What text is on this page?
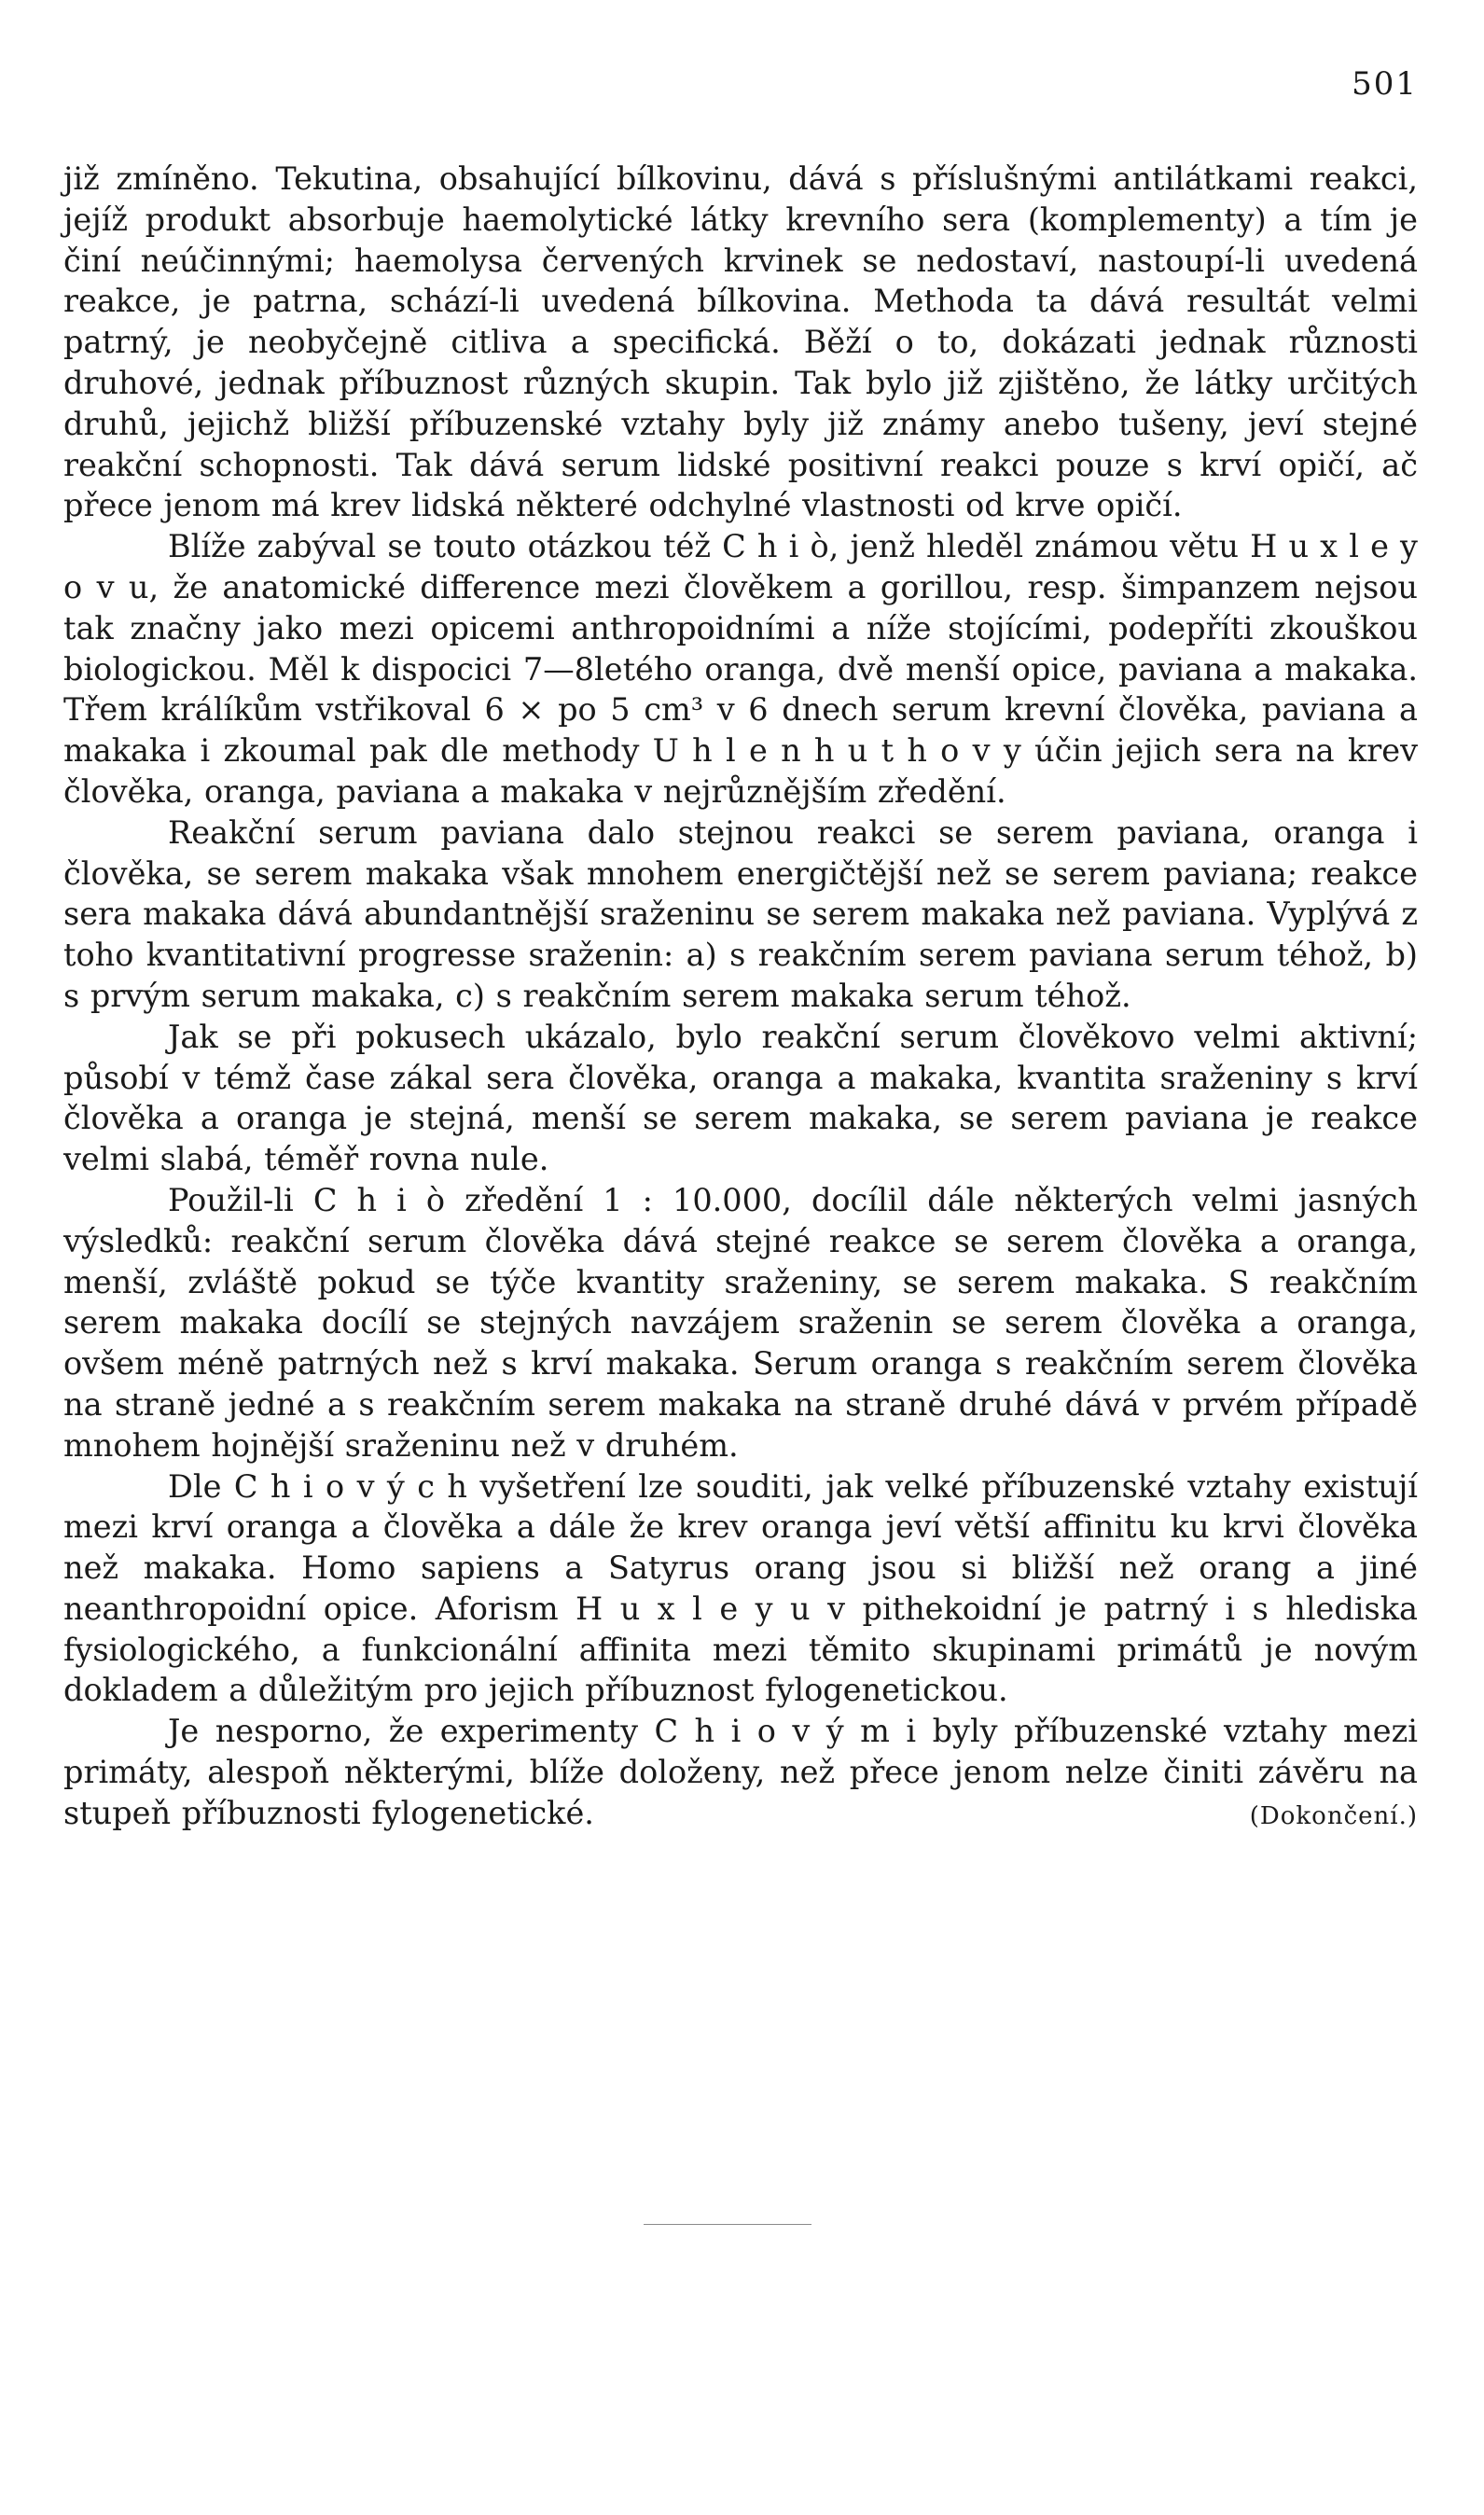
501

již zmíněno. Tekutina, obsahující bílkovinu, dává s příslušnými antilátkami reakci, jejíž produkt absorbuje haemolytické látky krevního sera (komplementy) a tím je činí neúčinnými; haemolysa červených krvinek se nedostaví, nastoupí-li uvedená reakce, je patrna, schází-li uvedená bílkovina. Methoda ta dává resultát velmi patrný, je neobyčejně citliva a specifická. Běží o to, dokázati jednak různosti druhové, jednak příbuznost různých skupin. Tak bylo již zjištěno, že látky určitých druhů, jejichž bližší příbuzenské vztahy byly již známy anebo tušeny, jeví stejné reakční schopnosti. Tak dává serum lidské positivní reakci pouze s krví opičí, ač přece jenom má krev lidská některé odchylné vlastnosti od krve opičí.

Blíže zabýval se touto otázkou též C h i ò, jenž hleděl známou větu H u x l e y o v u, že anatomické difference mezi člověkem a gorillou, resp. šimpanzem nejsou tak značny jako mezi opicemi anthropoidními a níže stojícími, podepříti zkouškou biologickou. Měl k dispocici 7—8letého oranga, dvě menší opice, paviana a makaka. Třem králíkům vstřikoval 6 × po 5 cm³ v 6 dnech serum krevní člověka, paviana a makaka i zkoumal pak dle methody U h l e n h u t h o v y účin jejich sera na krev člověka, oranga, paviana a makaka v nejrůznějším zředění.

Reakční serum paviana dalo stejnou reakci se serem paviana, oranga i člověka, se serem makaka však mnohem energičtější než se serem paviana; reakce sera makaka dává abundantnější sraženinu se serem makaka než paviana. Vyplývá z toho kvantitativní progresse sraženin: a) s reakčním serem paviana serum téhož, b) s prvým serum makaka, c) s reakčním serem makaka serum téhož.

Jak se při pokusech ukázalo, bylo reakční serum člověkovo velmi aktivní; působí v témž čase zákal sera člověka, oranga a makaka, kvantita sraženiny s krví člověka a oranga je stejná, menší se serem makaka, se serem paviana je reakce velmi slabá, téměř rovna nule.

Použil-li C h i ò zředění 1 : 10.000, docílil dále některých velmi jasných výsledků: reakční serum člověka dává stejné reakce se serem člověka a oranga, menší, zvláště pokud se týče kvantity sraženiny, se serem makaka. S reakčním serem makaka docílí se stejných navzájem sraženin se serem člověka a oranga, ovšem méně patrných než s krví makaka. Serum oranga s reakčním serem člověka na straně jedné a s reakčním serem makaka na straně druhé dává v prvém případě mnohem hojnější sraženinu než v druhém.

Dle C h i o v ý c h vyšetření lze souditi, jak velké příbuzenské vztahy existují mezi krví oranga a člověka a dále že krev oranga jeví větší affinitu ku krvi člověka než makaka. Homo sapiens a Satyrus orang jsou si bližší než orang a jiné neanthropoidní opice. Aforism H u x l e y u v pithekoidní je patrný i s hlediska fysiologického, a funkcionální affinita mezi těmito skupinami primátů je novým dokladem a důležitým pro jejich příbuznost fylogenetickou.

Je nesporno, že experimenty C h i o v ý m i byly příbuzenské vztahy mezi primáty, alespoň některými, blíže doloženy, než přece jenom nelze činiti závěru na stupeň příbuznosti fylogenetické.	(Dokončení.)
